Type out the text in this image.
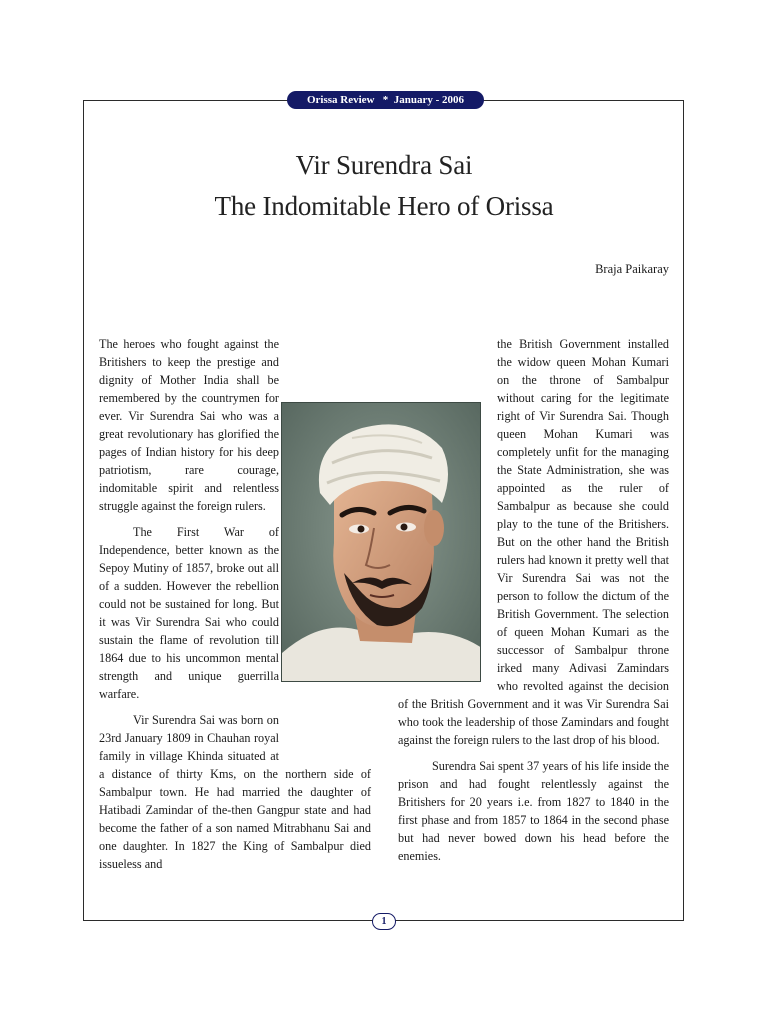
Orissa Review   *  January - 2006
Vir Surendra Sai
The Indomitable Hero of Orissa
Braja Paikaray

The heroes who fought against the Britishers to keep the prestige and dignity of Mother India shall be remembered by the countrymen for ever. Vir Surendra Sai who was a great revolutionary has glorified the pages of Indian history for his deep patriotism, rare courage, indomitable spirit and relentless struggle against the foreign rulers.

The First War of Independence, better known as the Sepoy Mutiny of 1857, broke out all of a sudden. However the rebellion could not be sustained for long. But it was Vir Surendra Sai who could sustain the flame of revolution till 1864 due to his uncommon mental strength and unique guerrilla warfare.

Vir Surendra Sai was born on 23rd January 1809 in Chauhan royal family in village Khinda situated at a distance of thirty Kms, on the northern side of Sambalpur town. He had married the daughter of Hatibadi Zamindar of the-then Gangpur state and had become the father of a son named Mitrabhanu Sai and one daughter. In 1827 the King of Sambalpur died issueless and

the British Government installed the widow queen Mohan Kumari on the throne of Sambalpur without caring for the legitimate right of Vir Surendra Sai. Though queen Mohan Kumari was completely unfit for the managing the State Administration, she was appointed as the ruler of Sambalpur as because she could play to the tune of the Britishers. But on the other hand the British rulers had known it pretty well that Vir Surendra Sai was not the person to follow the dictum of the British Government. The selection of queen Mohan Kumari as the successor of Sambalpur throne irked many Adivasi Zamindars who revolted against the decision of the British Government and it was Vir Surendra Sai who took the leadership of those Zamindars and fought against the foreign rulers to the last drop of his blood.

Surendra Sai spent 37 years of his life inside the prison and had fought relentlessly against the Britishers for 20 years i.e. from 1827 to 1840 in the first phase and from 1857 to 1864 in the second phase but had never bowed down his head before the enemies.

1
